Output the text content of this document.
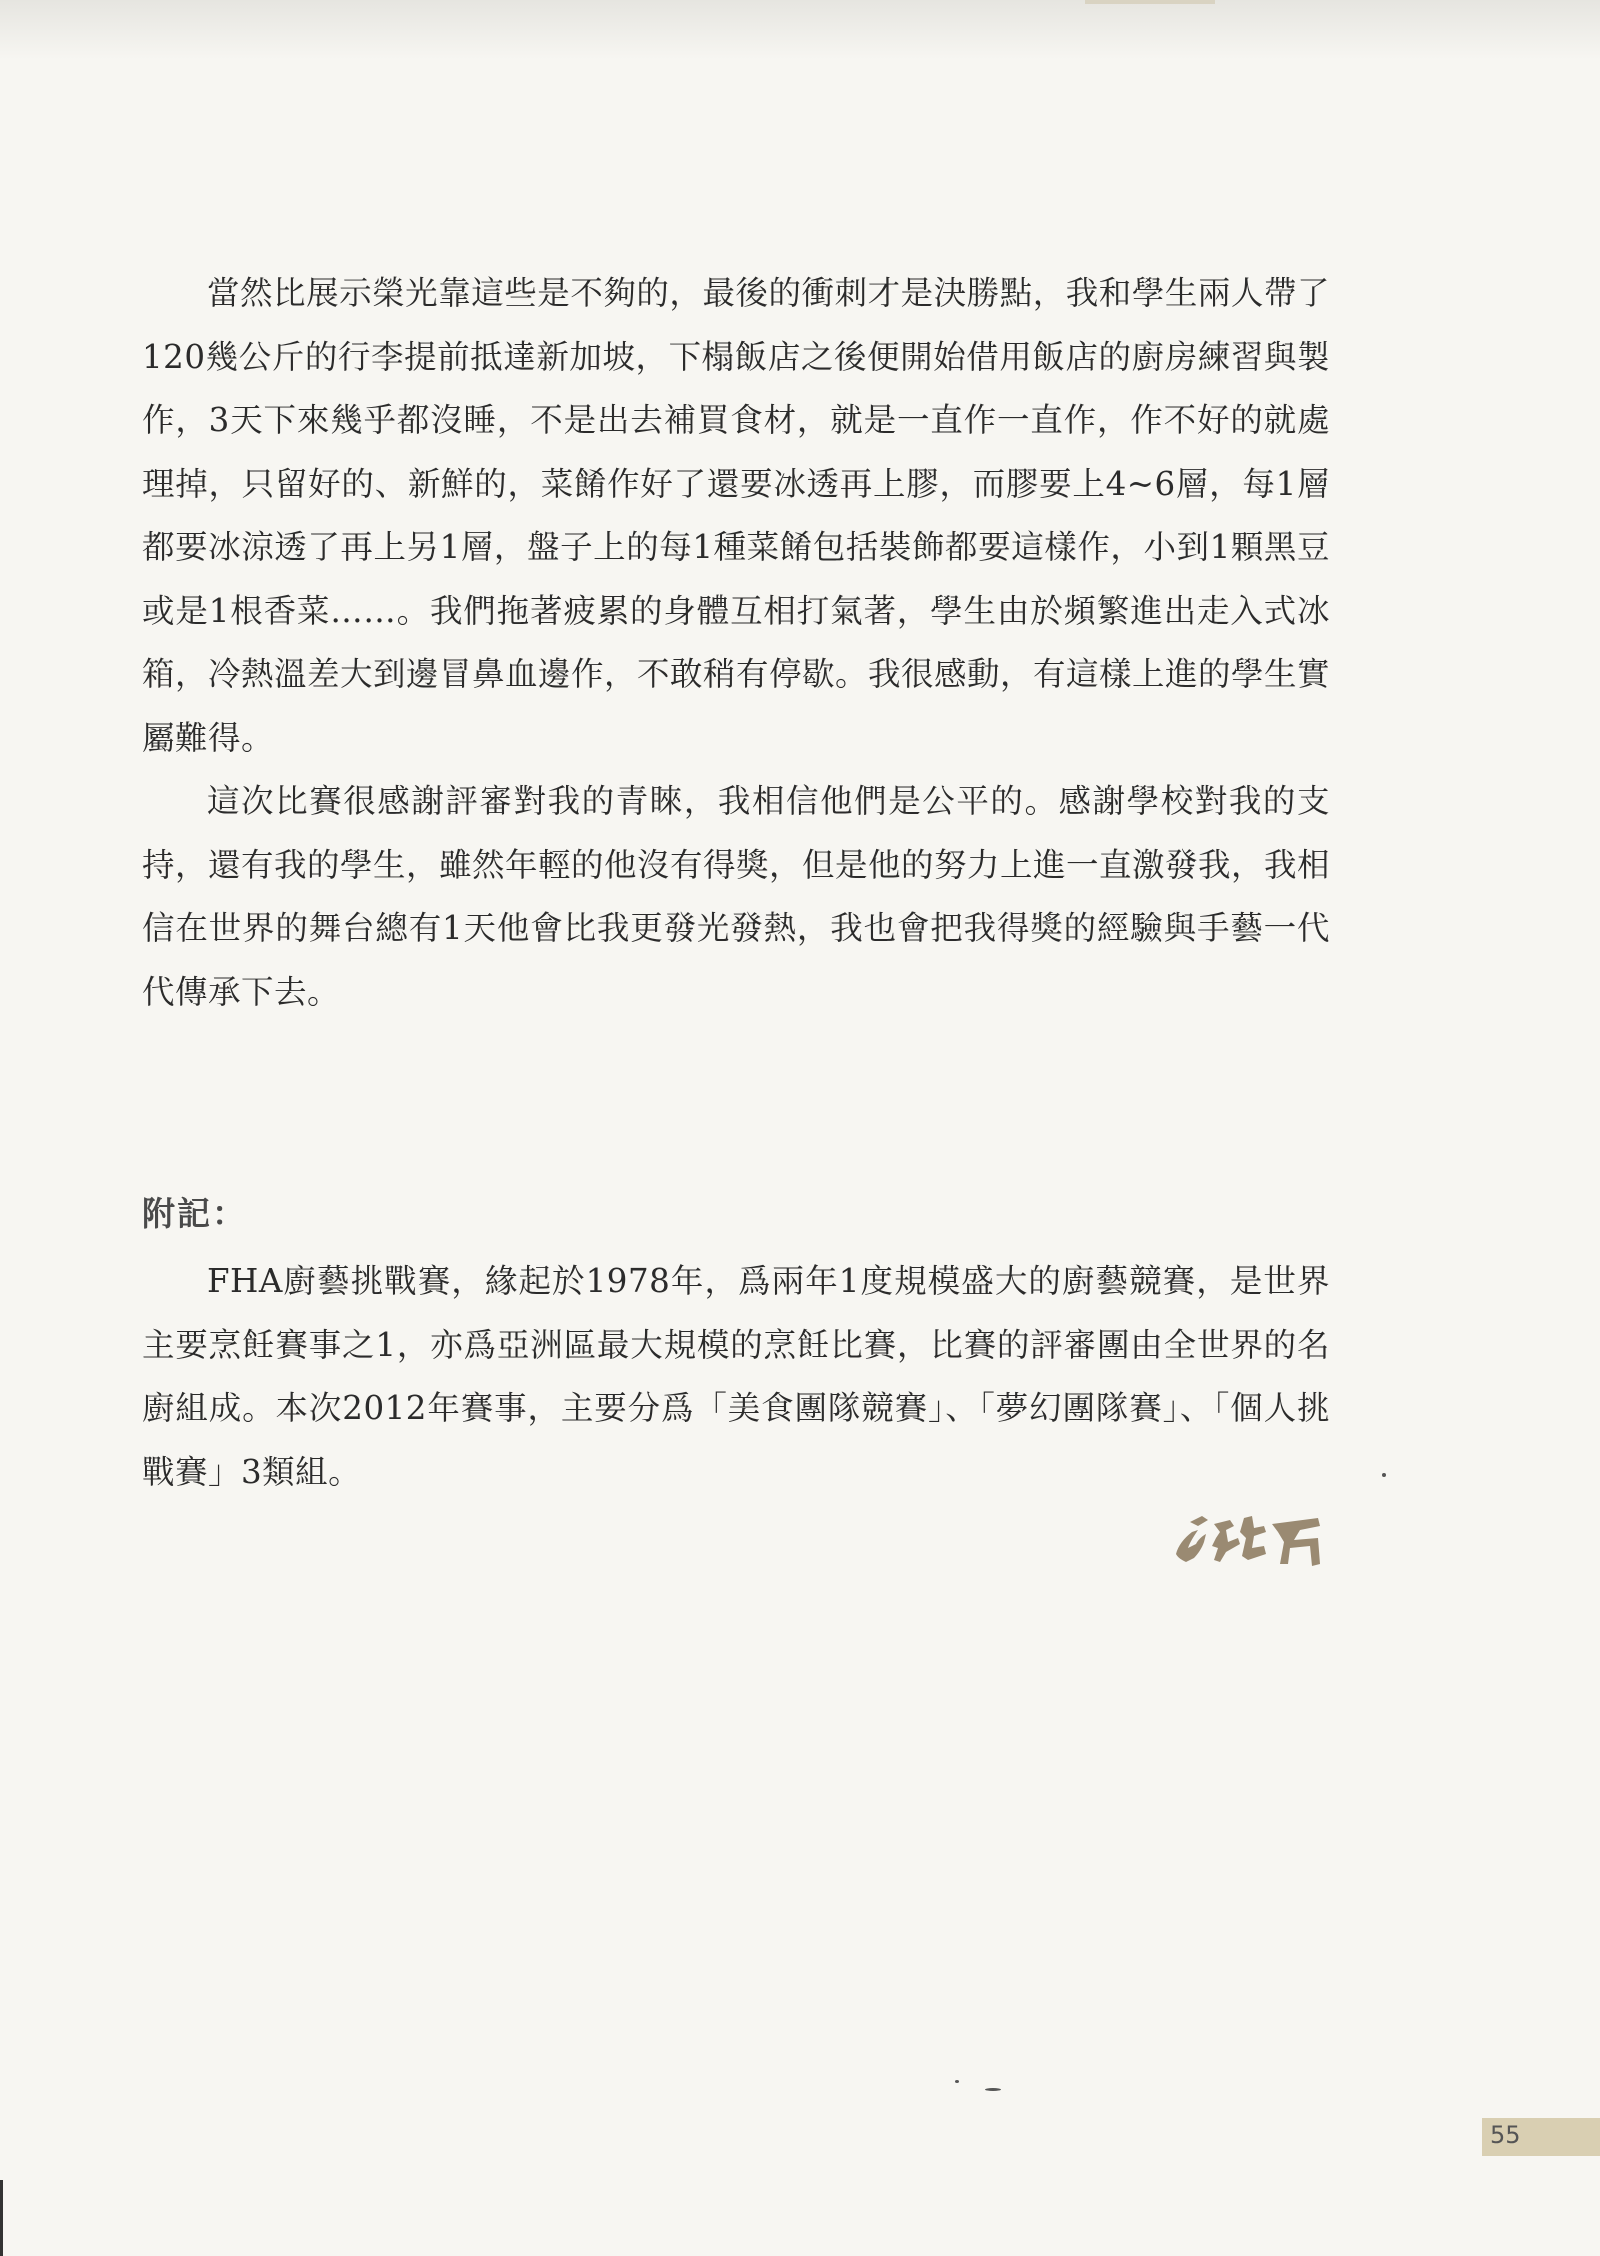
當然比展示榮光靠這些是不夠的，最後的衝刺才是決勝點，我和學生兩人帶了120幾公斤的行李提前抵達新加坡，下榻飯店之後便開始借用飯店的廚房練習與製作，3天下來幾乎都沒睡，不是出去補買食材，就是一直作一直作，作不好的就處理掉，只留好的、新鮮的，菜餚作好了還要冰透再上膠，而膠要上4~6層，每1層都要冰涼透了再上另1層，盤子上的每1種菜餚包括裝飾都要這樣作，小到1顆黑豆或是1根香菜……。我們拖著疲累的身體互相打氣著，學生由於頻繁進出走入式冰箱，冷熱溫差大到邊冒鼻血邊作，不敢稍有停歇。我很感動，有這樣上進的學生實屬難得。

這次比賽很感謝評審對我的青睞，我相信他們是公平的。感謝學校對我的支持，還有我的學生，雖然年輕的他沒有得獎，但是他的努力上進一直激發我，我相信在世界的舞台總有1天他會比我更發光發熱，我也會把我得獎的經驗與手藝一代代傳承下去。

附記：

FHA廚藝挑戰賽，緣起於1978年，爲兩年1度規模盛大的廚藝競賽，是世界主要烹飪賽事之1，亦爲亞洲區最大規模的烹飪比賽，比賽的評審團由全世界的名廚組成。本次2012年賽事，主要分爲「美食團隊競賽」、「夢幻團隊賽」、「個人挑戰賽」3類組。

55
